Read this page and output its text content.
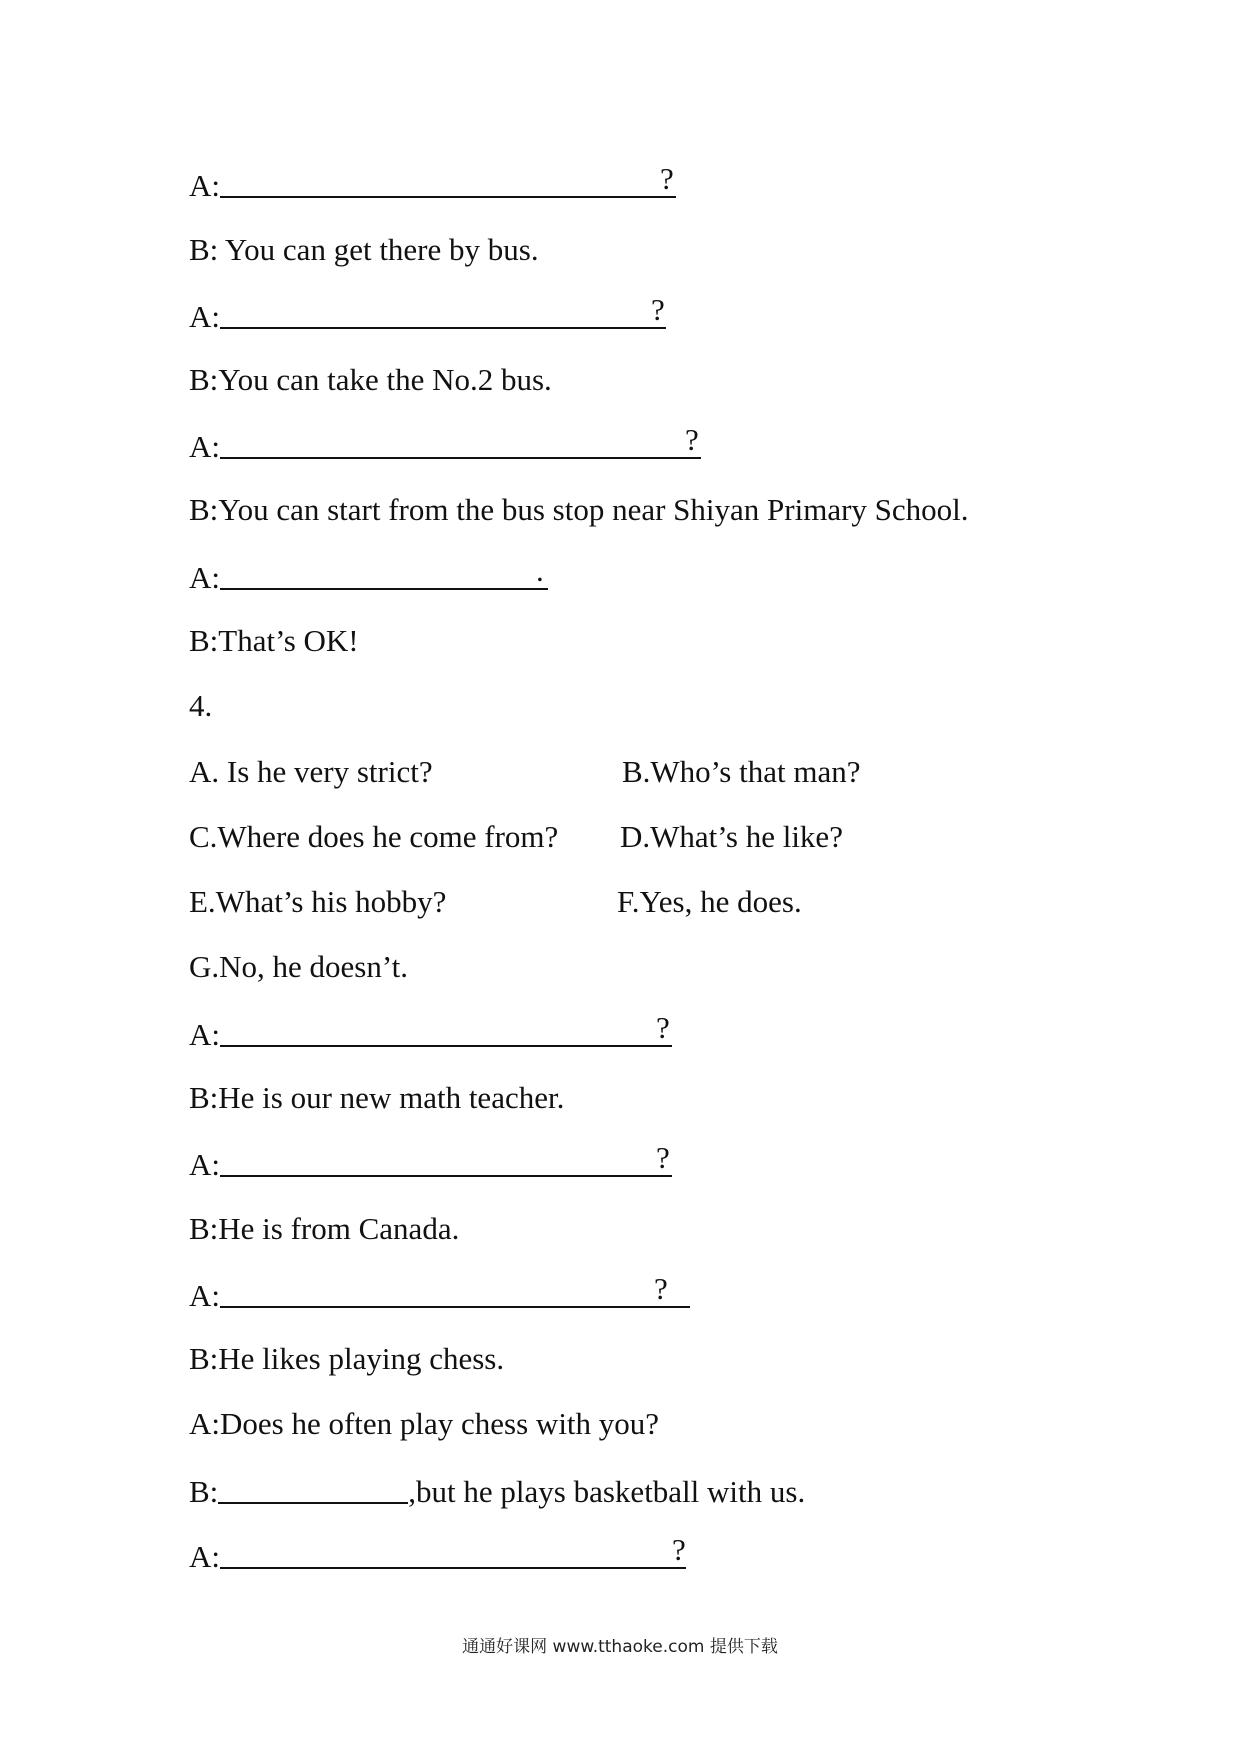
A:	?
B: You can get there by bus.
A:	?
B:You can take the No.2 bus.
A:	?
B:You can start from the bus stop near Shiyan Primary School.
A:	.
B:That’s OK!
4.
A. Is he very strict?	B.Who’s that man?
C.Where does he come from? D.What’s he like?
E.What’s his hobby?	F.Yes, he does.
G.No, he doesn’t.
A:	?
B:He is our new math teacher.
A:	?
B:He is from Canada.
A:	?
B:He likes playing chess.
A:Does he often play chess with you?
B:	,but he plays basketball with us.
A:	?
通通好课网 www.tthaoke.com 提供下载
